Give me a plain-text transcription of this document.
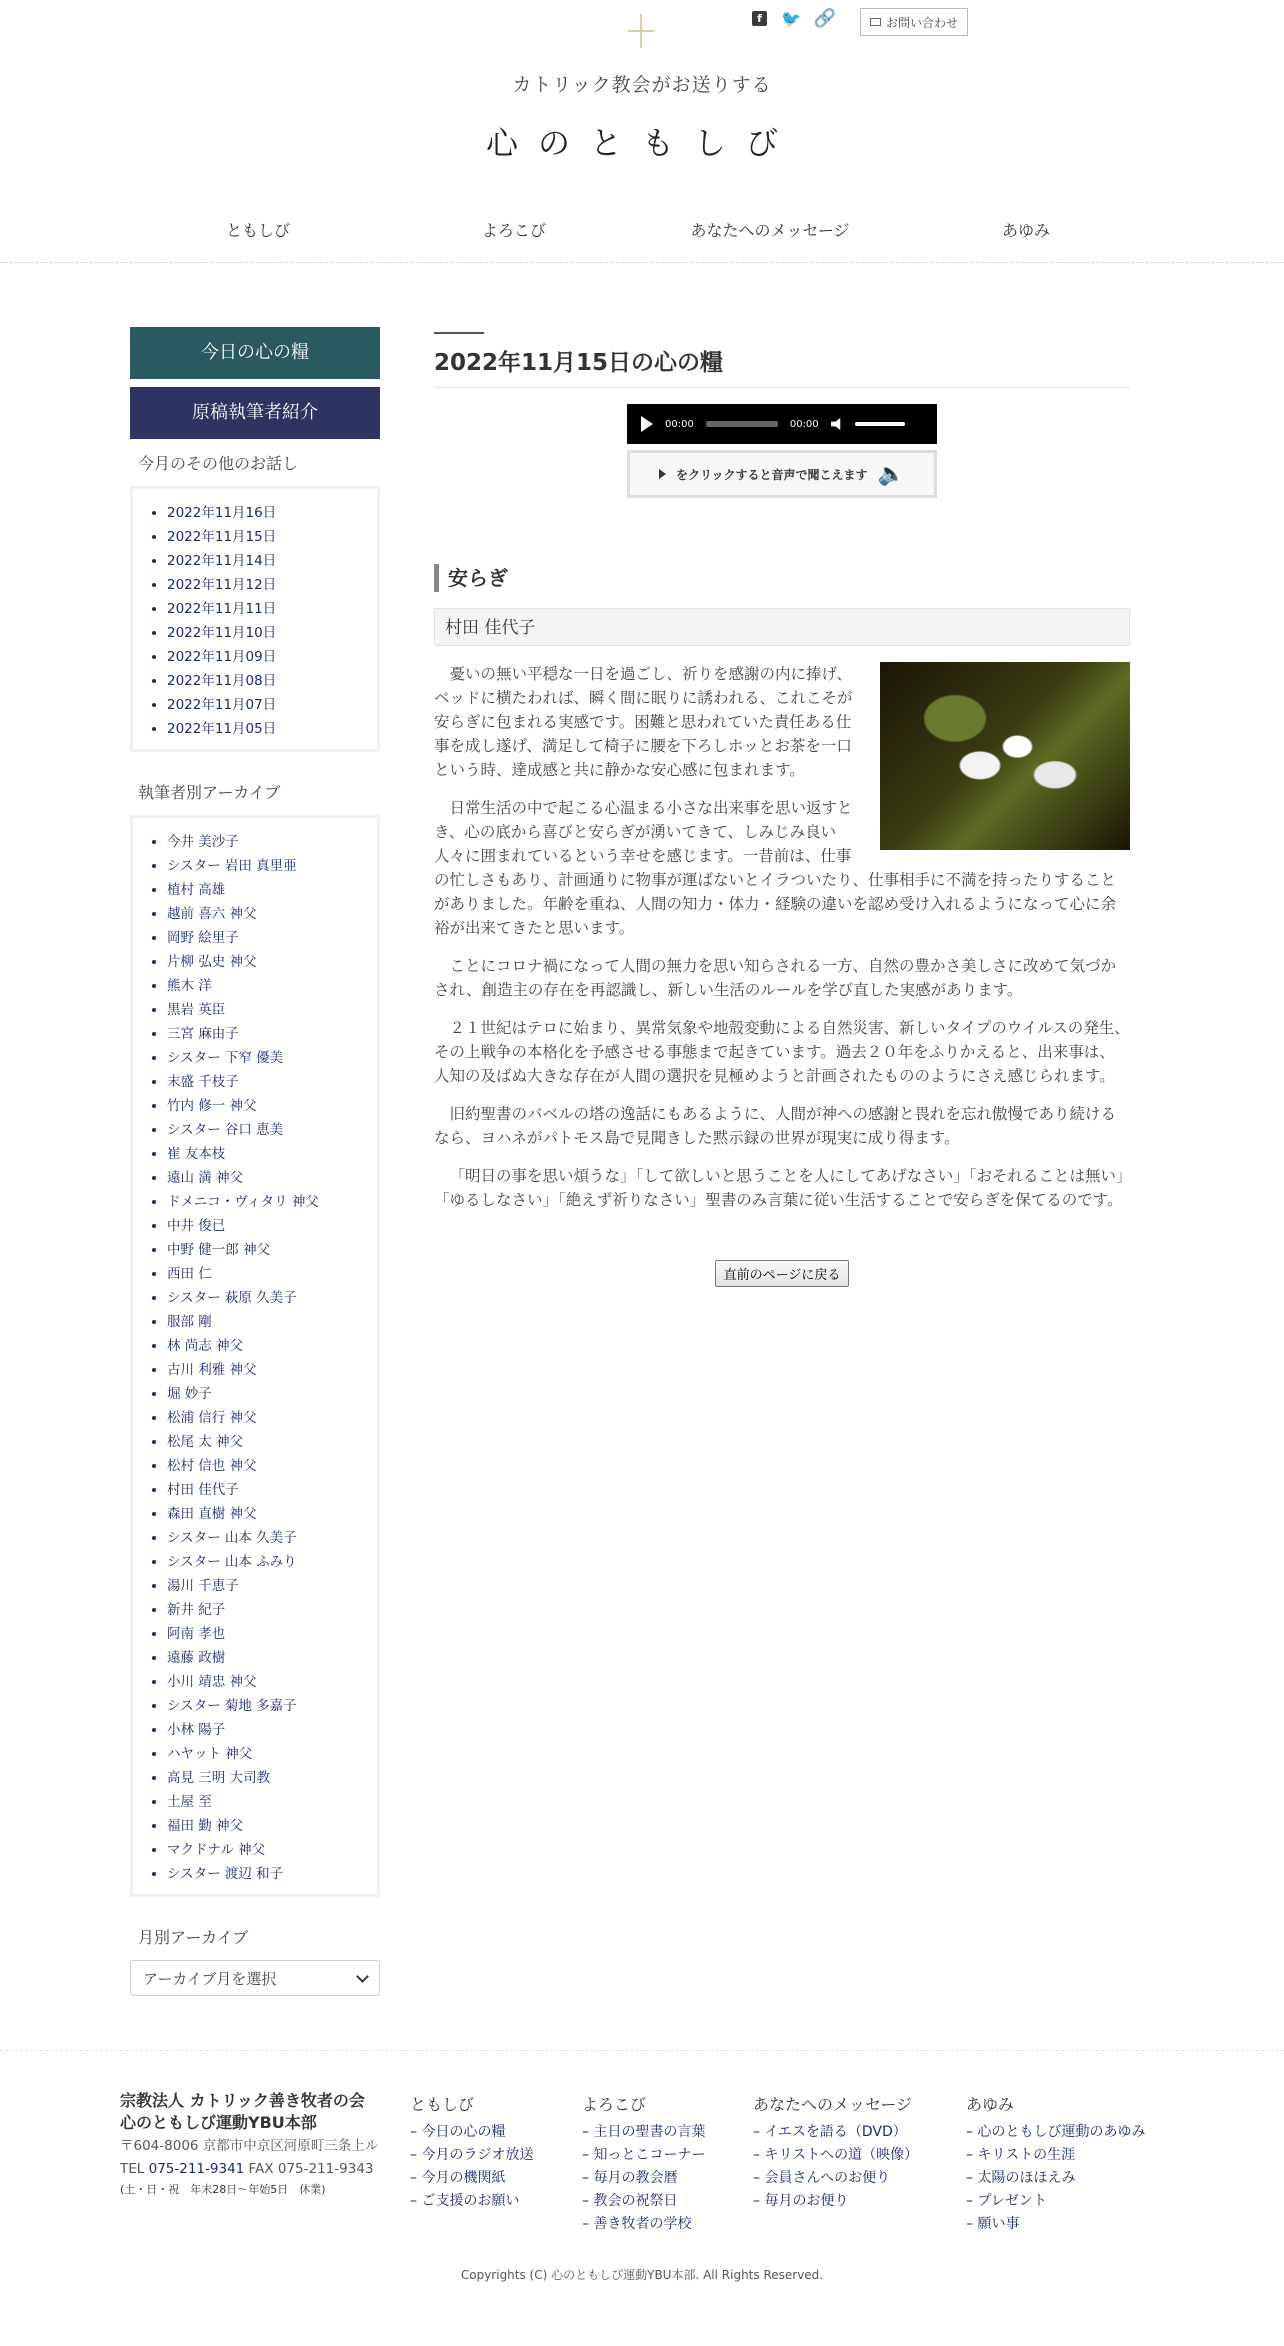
f	🐦 🔗	お問い合わせ
カトリック教会がお送りする
心のともしび
ともしび	よろこび	あなたへのメッセージ	あゆみ
今日の心の糧
原稿執筆者紹介
今月のその他のお話し
• 2022年11月16日
• 2022年11月15日
• 2022年11月14日
• 2022年11月12日
• 2022年11月11日
• 2022年11月10日
• 2022年11月09日
• 2022年11月08日
• 2022年11月07日
• 2022年11月05日
執筆者別アーカイブ
• 今井 美沙子
• シスター 岩田 真里亜
• 植村 高雄
• 越前 喜六 神父
• 岡野 絵里子
• 片柳 弘史 神父
• 熊木 洋
• 黒岩 英臣
• 三宮 麻由子
• シスター 下窄 優美
• 末盛 千枝子
• 竹内 修一 神父
• シスター 谷口 恵美
• 崔 友本枝
• 遠山 満 神父
• ドメニコ・ヴィタリ 神父
• 中井 俊已
• 中野 健一郎 神父
• 西田 仁
• シスター 萩原 久美子
• 服部 剛
• 林 尚志 神父
• 古川 利雅 神父
• 堀 妙子
• 松浦 信行 神父
• 松尾 太 神父
• 松村 信也 神父
• 村田 佳代子
• 森田 直樹 神父
• シスター 山本 久美子
• シスター 山本 ふみり
• 湯川 千恵子
• 新井 紀子
• 阿南 孝也
• 遠藤 政樹
• 小川 靖忠 神父
• シスター 菊地 多嘉子
• 小林 陽子
• ハヤット 神父
• 高見 三明 大司教
• 土屋 至
• 福田 勤 神父
• マクドナル 神父
• シスター 渡辺 和子
月別アーカイブ
アーカイブ月を選択
2022年11月15日の心の糧
00:00	00:00
をクリックすると音声で聞こえます 🔈
安らぎ
村田 佳代子

憂いの無い平穏な一日を過ごし、祈りを感謝の内に捧げ、ベッドに横たわれば、瞬く間に眠りに誘われる、これこそが安らぎに包まれる実感です。困難と思われていた責任ある仕事を成し遂げ、満足して椅子に腰を下ろしホッとお茶を一口という時、達成感と共に静かな安心感に包まれます。

日常生活の中で起こる心温まる小さな出来事を思い返すとき、心の底から喜びと安らぎが湧いてきて、しみじみ良い人々に囲まれているという幸せを感じます。一昔前は、仕事の忙しさもあり、計画通りに物事が運ばないとイラついたり、仕事相手に不満を持ったりすることがありました。年齢を重ね、人間の知力・体力・経験の違いを認め受け入れるようになって心に余裕が出来てきたと思います。

ことにコロナ禍になって人間の無力を思い知らされる一方、自然の豊かさ美しさに改めて気づかされ、創造主の存在を再認識し、新しい生活のルールを学び直した実感があります。

２１世紀はテロに始まり、異常気象や地殻変動による自然災害、新しいタイプのウイルスの発生、その上戦争の本格化を予感させる事態まで起きています。過去２０年をふりかえると、出来事は、人知の及ばぬ大きな存在が人間の選択を見極めようと計画されたもののようにさえ感じられます。

旧約聖書のバベルの塔の逸話にもあるように、人間が神への感謝と畏れを忘れ傲慢であり続けるなら、ヨハネがパトモス島で見聞きした黙示録の世界が現実に成り得ます。

「明日の事を思い煩うな」「して欲しいと思うことを人にしてあげなさい」「おそれることは無い」「ゆるしなさい」「絶えず祈りなさい」聖書のみ言葉に従い生活することで安らぎを保てるのです。

直前のページに戻る
宗教法人 カトリック善き牧者の会
心のともしび運動YBU本部
〒604-8006 京都市中京区河原町三条上ル
TEL 075-211-9341 FAX 075-211-9343
(土・日・祝　年末28日〜年始5日　休業)
ともしび
– 今日の心の糧
– 今月のラジオ放送
– 今月の機関紙
– ご支援のお願い
よろこび
– 主日の聖書の言葉
– 知っとこコーナー
– 毎月の教会暦
– 教会の祝祭日
– 善き牧者の学校
あなたへのメッセージ
– イエスを語る（DVD）
– キリストへの道（映像）
– 会員さんへのお便り
– 毎月のお便り
あゆみ
– 心のともしび運動のあゆみ
– キリストの生涯
– 太陽のほほえみ
– プレゼント
– 願い事
Copyrights (C) 心のともしび運動YBU本部. All Rights Reserved.
